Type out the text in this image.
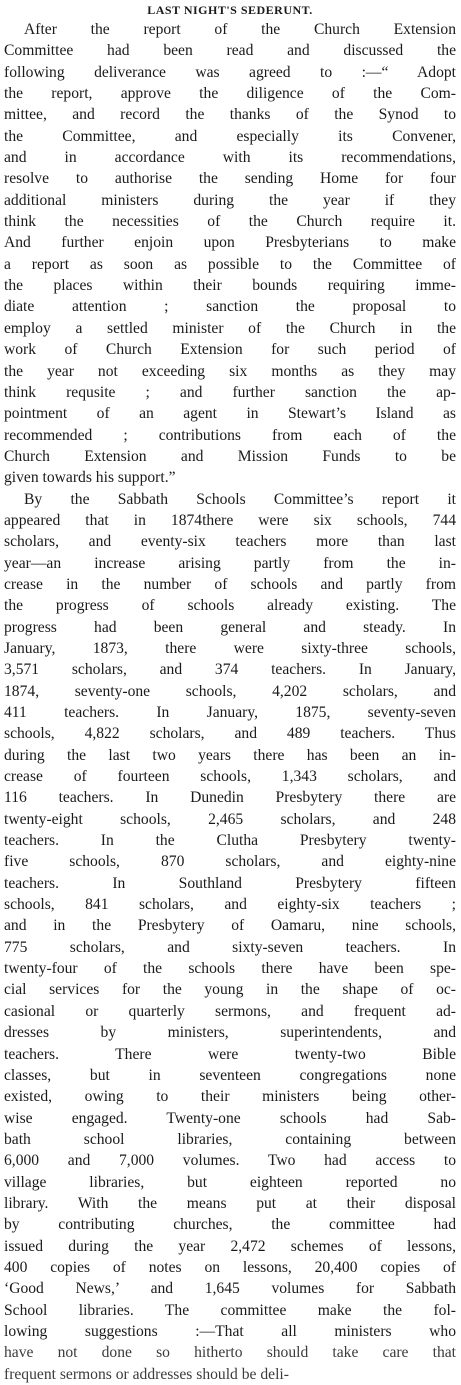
LAST NIGHT'S SEDERUNT.
After the report of the Church Extension
Committee had been read and discussed the
following deliverance was agreed to :—“ Adopt
the report, approve the diligence of the Com-
mittee, and record the thanks of the Synod to
the Committee, and especially its Convener,
and in accordance with its recommendations,
resolve to authorise the sending Home for four
additional ministers during the year if they
think the necessities of the Church require it.
And further enjoin upon Presbyterians to make
a report as soon as possible to the Committee of
the places within their bounds requiring imme-
diate attention ; sanction the proposal to
employ a settled minister of the Church in the
work of Church Extension for such period of
the year not exceeding six months as they may
think requsite ; and further sanction the ap-
pointment of an agent in Stewart’s Island as
recommended ; contributions from each of the
Church Extension and Mission Funds to be
given towards his support.”
By the Sabbath Schools Committee’s report it
appeared that in 1874there were six schools, 744
scholars, and eventy-six teachers more than last
year—an increase arising partly from the in-
crease in the number of schools and partly from
the progress of schools already existing. The
progress had been general and steady. In
January, 1873, there were sixty-three schools,
3,571 scholars, and 374 teachers. In January,
1874, seventy-one schools, 4,202 scholars, and
411 teachers. In January, 1875, seventy-seven
schools, 4,822 scholars, and 489 teachers. Thus
during the last two years there has been an in-
crease of fourteen schools, 1,343 scholars, and
116 teachers. In Dunedin Presbytery there are
twenty-eight schools, 2,465 scholars, and 248
teachers. In the Clutha Presbytery twenty-
five schools, 870 scholars, and eighty-nine
teachers. In Southland Presbytery fifteen
schools, 841 scholars, and eighty-six teachers ;
and in the Presbytery of Oamaru, nine schools,
775 scholars, and sixty-seven teachers. In
twenty-four of the schools there have been spe-
cial services for the young in the shape of oc-
casional or quarterly sermons, and frequent ad-
dresses by ministers, superintendents, and
teachers. There were twenty-two Bible
classes, but in seventeen congregations none
existed, owing to their ministers being other-
wise engaged. Twenty-one schools had Sab-
bath school libraries, containing between
6,000 and 7,000 volumes. Two had access to
village libraries, but eighteen reported no
library. With the means put at their disposal
by contributing churches, the committee had
issued during the year 2,472 schemes of lessons,
400 copies of notes on lessons, 20,400 copies of
‘Good News,’ and 1,645 volumes for Sabbath
School libraries. The committee make the fol-
lowing suggestions :—That all ministers who
have not done so hitherto should take care that
frequent sermons or addresses should be deli-
